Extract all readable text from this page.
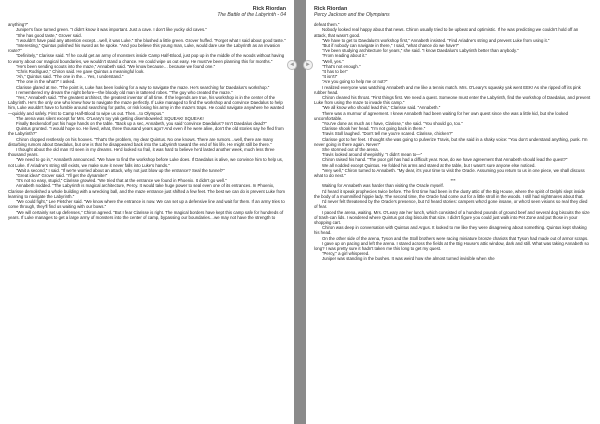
Rick Riordan
The Battle of the Labyrinth - 04

anything?"

Juniper's face turned green. "I didn't know it was important. Just a cave. I don't like yucky old caves."

"She has good taste," Grover said.

"I wouldn't have paid any attention except…well, it was Luke." She blushed a little green. Grover huffed. "Forget what I said about good taste."

"Interesting," Quintus polished his sword as he spoke. "And you believe this young man, Luke, would dare use the Labyrinth as an invasion route?"

"Definitely," Clarisse said. "If he could get an army of monsters inside Camp Half-Blood, just pop up in the middle of the woods without having to worry about our magical boundaries, we wouldn't stand a chance. He could wipe us out easy. He must've been planning this for months."

"He's been sending scouts into the maze," Annabeth said. "We know because… because we found one."

"Chris Rodriguez," Chiron said. He gave Quintus a meaningful look.

"Ah," Quintus said. "The one in the… Yes, I understand."

"The one in the what?" I asked.

Clarisse glared at me. "The point is, Luke has been looking for a way to navigate the maze. He's searching for Daedalus's workshop."

I remembered my dream the night before—the bloody old man in tattered robes. "The guy who created the maze."

"Yes," Annabeth said. "The greatest architect, the greatest inventor of all time. If the legends are true, his workshop is in the center of the Labyrinth. He's the only one who knew how to navigate the maze perfectly. If Luke managed to find the workshop and convince Daedalus to help him, Luke wouldn't have to fumble around searching for paths, or risk losing his army in the maze's traps. He could navigate anywhere he wanted—quickly and safely. First to Camp Half-Blood to wipe us out. Then…to Olympus."

The arena was silent except for Mrs. O'Leary's toy yak getting disemboweled: SQUEAK! SQUEAK!

Finally Beckendorf put his huge hands on the table. "Back up a sec, Annabeth, you said 'convince Daedalus'? Isn't Daedalus dead?"

Quintus grunted. "I would hope so. He lived, what, three thousand years ago? And even if he were alive, don't the old stories say he fled from the Labyrinth?"

Chiron clopped restlessly on his hooves. "That's the problem, my dear Quintus. No one knows. There are rumors…well, there are many disturbing rumors about Daedalus, but one is that he disappeared back into the Labyrinth toward the end of his life. He might still be there."

I thought about the old man I'd seen in my dreams. He'd looked so frail, it was hard to believe he'd lasted another week, much less three thousand years.

"We need to go in," Annabeth announced. "We have to find the workshop before Luke does. If Daedalus is alive, we convince him to help us, not Luke. If Ariadne's string still exists, we make sure it never falls into Luke's hands."

"Wait a second," I said. "If we're worried about an attack, why not just blow up the entrance? Seal the tunnel?"

"Great idea!" Grover said. "I'll get the dynamite!"

"It's not so easy, stupid," Clarisse growled. "We tried that at the entrance we found in Phoenix. It didn't go well."

Annabeth nodded. "The Labyrinth is magical architecture, Percy. It would take huge power to seal even one of its entrances. In Phoenix, Clarisse demolished a whole building with a wrecking ball, and the maze entrance just shifted a few feet. The best we can do is prevent Luke from learning to navigate the Labyrinth."

"We could fight," Lee Fletcher said. "We know where the entrance is now. We can set up a defensive line and wait for them. If an army tries to come through, they'll find us waiting with our bows."

"We will certainly set up defenses," Chiron agreed. "But I fear Clarisse is right. The magical borders have kept this camp safe for hundreds of years. If Luke manages to get a large army of monsters into the center of camp, bypassing our boundaries…we may not have the strength to

Rick Riordan
Percy Jackson and the Olympians

defeat them."

Nobody looked real happy about that news. Chiron usually tried to be upbeat and optimistic. If he was predicting we couldn't hold off an attack, that wasn't good.

"We have to get to Daedalus's workshop first," Annabeth insisted. "Find Ariadne's string and prevent Luke from using it."

"But if nobody can navigate in there," I said, "what chance do we have?"

"I've been studying architecture for years," she said. "I know Daedalus's Labyrinth better than anybody."

"From reading about it."

"Well, yes."

"That's not enough."

"It has to be!"

"It isn't!"

"Are you going to help me or not?"

I realized everyone was watching Annabeth and me like a tennis match. Mrs. O'Leary's squeaky yak went EEK! As she ripped off its pink rubber head.

Chiron cleared his throat. "First things first. We need a quest. Someone must enter the Labyrinth, find the workshop of Daedalus, and prevent Luke from using the maze to invade this camp."

"We all know who should lead this," Clarisse said. "Annabeth."

There was a murmur of agreement. I knew Annabeth had been waiting for her own quest since she was a little kid, but she looked uncomfortable.

"You've done as much as I have, Clarisse," she said. "You should go, too."

Clarisse shook her head. "I'm not going back in there."

Travis Stoll laughed. "Don't tell me you're scared. Clarisse, chicken?"

Clarisse got to her feet. I thought she was going to pulverize Travis, but she said in a shaky voice: "You don't understand anything, punk. I'm never going in there again. Never!"

She stormed out of the arena.

Travis looked around sheepishly. "I didn't mean to—"

Chiron raised his hand. "The poor girl has had a difficult year. Now, do we have agreement that Annabeth should lead the quest?"

We all nodded except Quintus. He folded his arms and stared at the table, but I wasn't sure anyone else noticed.

"Very well," Chiron turned to Annabeth. "My dear, it's your time to visit the Oracle. Assuming you return to us in one piece, we shall discuss what to do next."

***

Waiting for Annabeth was harder than visiting the Oracle myself.

I'd heard it speak prophecies twice before. The first time had been in the dusty attic of the Big House, where the spirit of Delphi slept inside the body of a mummified hippie lady. The second time, the Oracle had come out for a little stroll in the woods. I still had nightmares about that.

I'd never felt threatened by the Oracle's presence, but I'd heard stories: campers who'd gone insane, or who'd seen visions so real they died of fear.

I paced the arena, waiting. Mrs. O'Leary ate her lunch, which consisted of a hundred pounds of ground beef and several dog biscuits the size of trash-can lids. I wondered where Quintus got dog biscuits that size. I didn't figure you could just walk into Pet Zone and put those in your shopping cart.

Chiron was deep in conversation with Quintus and Argus. It looked to me like they were disagreeing about something. Quintus kept shaking his head.

On the other side of the arena, Tyson and the Stoll brothers were racing miniature bronze chariots that Tyson had made out of armor scraps.

I gave up on pacing and left the arena. I stared across the fields at the Big House's attic window, dark and still. What was taking Annabeth so long? I was pretty sure it hadn't taken me this long to get my quest.

"Percy," a girl whispered.

Juniper was standing in the bushes. It was weird how she almost turned invisible when she

◄	►
